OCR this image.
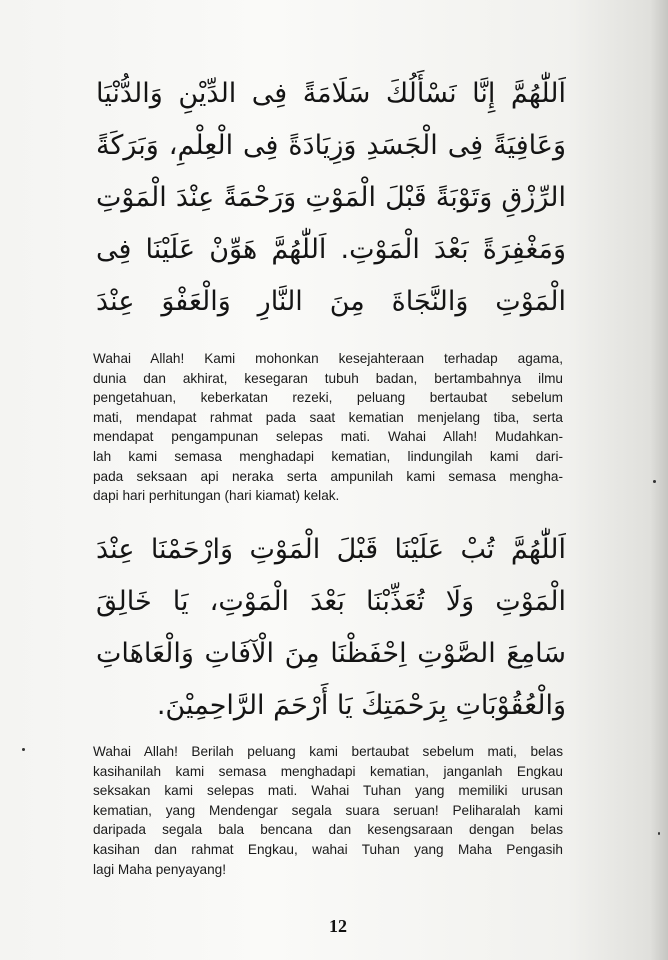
اَللّٰهُمَّ إِنَّا نَسْأَلُكَ سَلَامَةً فِى الدِّيْنِ وَالدُّنْيَا
وَعَافِيَةً فِى الْجَسَدِ وَزِيَادَةً فِى الْعِلْمِ، وَبَرَكَةً
الرِّزْقِ وَتَوْبَةً قَبْلَ الْمَوْتِ وَرَحْمَةً عِنْدَ الْمَوْتِ
وَمَغْفِرَةً بَعْدَ الْمَوْتِ. اَللّٰهُمَّ هَوِّنْ عَلَيْنَا فِى
الْمَوْتِ وَالنَّجَاةَ مِنَ النَّارِ وَالْعَفْوَ عِنْدَ
Wahai Allah! Kami mohonkan kesejahteraan terhadap agama,
dunia dan akhirat, kesegaran tubuh badan, bertambahnya ilmu
pengetahuan, keberkatan rezeki, peluang bertaubat sebelum
mati, mendapat rahmat pada saat kematian menjelang tiba, serta
mendapat pengampunan selepas mati. Wahai Allah! Mudahkan-
lah kami semasa menghadapi kematian, lindungilah kami dari-
pada seksaan api neraka serta ampunilah kami semasa mengha-
dapi hari perhitungan (hari kiamat) kelak.
اَللّٰهُمَّ تُبْ عَلَيْنَا قَبْلَ الْمَوْتِ وَارْحَمْنَا عِنْدَ
الْمَوْتِ وَلَا تُعَذِّبْنَا بَعْدَ الْمَوْتِ، يَا خَالِقَ
سَامِعَ الصَّوْتِ اِحْفَظْنَا مِنَ الْآفَاتِ وَالْعَاهَاتِ
وَالْعُقُوْبَاتِ بِرَحْمَتِكَ يَا أَرْحَمَ الرَّاحِمِيْنَ.
Wahai Allah! Berilah peluang kami bertaubat sebelum mati, belas
kasihanilah kami semasa menghadapi kematian, janganlah Engkau
seksakan kami selepas mati. Wahai Tuhan yang memiliki urusan
kematian, yang Mendengar segala suara seruan! Peliharalah kami
daripada segala bala bencana dan kesengsaraan dengan belas
kasihan dan rahmat Engkau, wahai Tuhan yang Maha Pengasih
lagi Maha penyayang!
12
